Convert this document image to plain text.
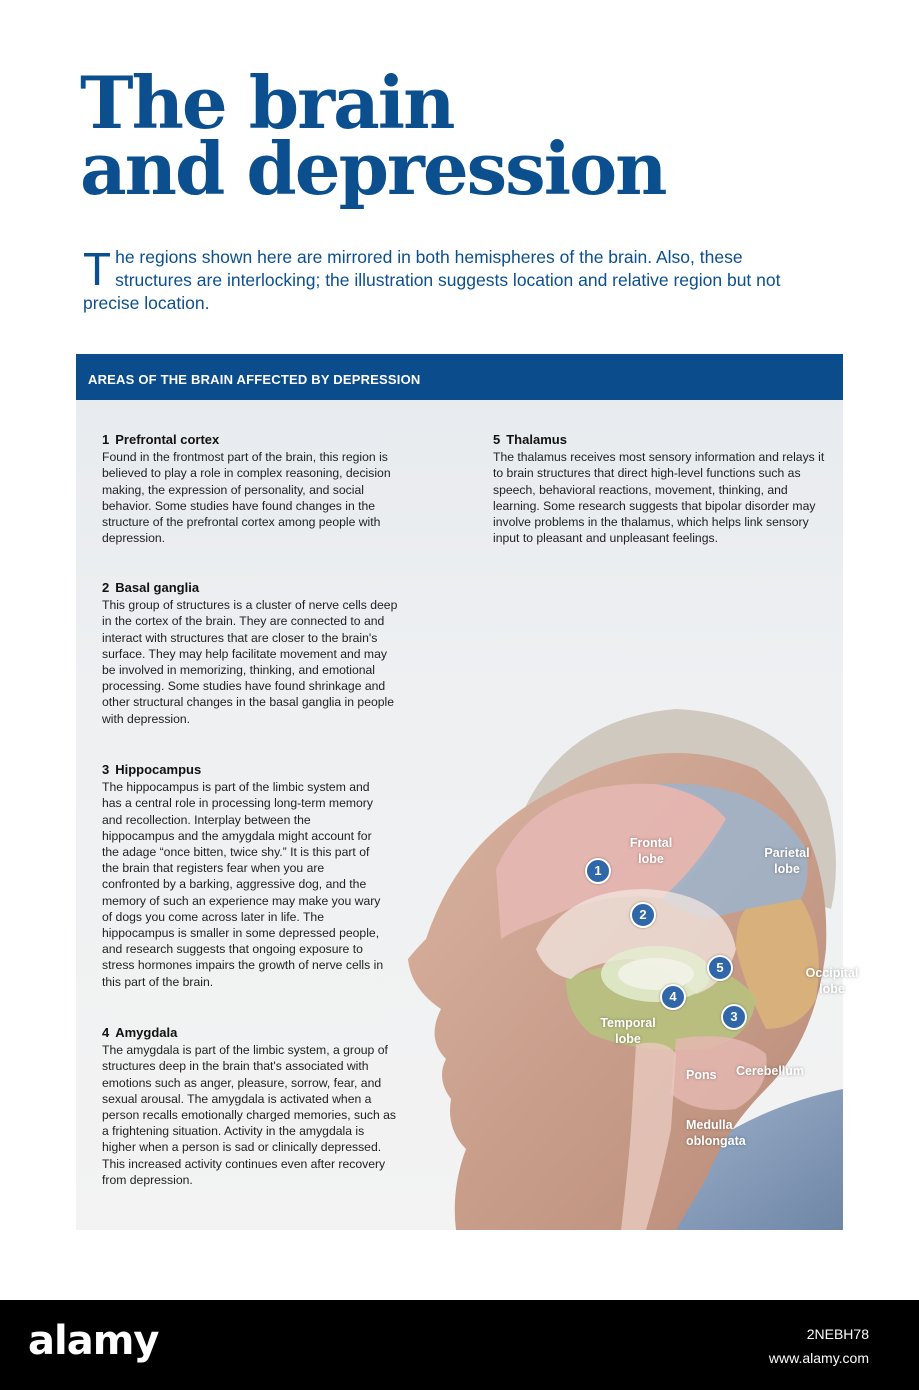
The brain
and depression

The regions shown here are mirrored in both hemispheres of the brain. Also, these structures are interlocking; the illustration suggests location and relative region but not precise location.

AREAS OF THE BRAIN AFFECTED BY DEPRESSION
1 Prefrontal cortex
Found in the frontmost part of the brain, this region is believed to play a role in complex reasoning, decision making, the expression of personality, and social behavior. Some studies have found changes in the structure of the prefrontal cortex among people with depression.
2 Basal ganglia
This group of structures is a cluster of nerve cells deep in the cortex of the brain. They are connected to and interact with structures that are closer to the brain's surface. They may help facilitate movement and may be involved in memorizing, thinking, and emotional processing. Some studies have found shrinkage and other structural changes in the basal ganglia in people with depression.
3 Hippocampus
The hippocampus is part of the limbic system and has a central role in processing long-term memory and recollection. Interplay between the hippocampus and the amygdala might account for the adage “once bitten, twice shy.” It is this part of the brain that registers fear when you are confronted by a barking, aggressive dog, and the memory of such an experience may make you wary of dogs you come across later in life. The hippocampus is smaller in some depressed people, and research suggests that ongoing exposure to stress hormones impairs the growth of nerve cells in this part of the brain.
4 Amygdala
The amygdala is part of the limbic system, a group of structures deep in the brain that's associated with emotions such as anger, pleasure, sorrow, fear, and sexual arousal. The amygdala is activated when a person recalls emotionally charged memories, such as a frightening situation. Activity in the amygdala is higher when a person is sad or clinically depressed. This increased activity continues even after recovery from depression.
5 Thalamus
The thalamus receives most sensory information and relays it to brain structures that direct high-level functions such as speech, behavioral reactions, movement, thinking, and learning. Some research suggests that bipolar disorder may involve problems in the thalamus, which helps link sensory input to pleasant and unpleasant feelings.
Frontal lobe	Parietal lobe
Occipital lobe
Temporal lobe
Pons	Cerebellum
Medulla oblongata
1
2
3
4
5
alamy	2NEBH78
www.alamy.com
